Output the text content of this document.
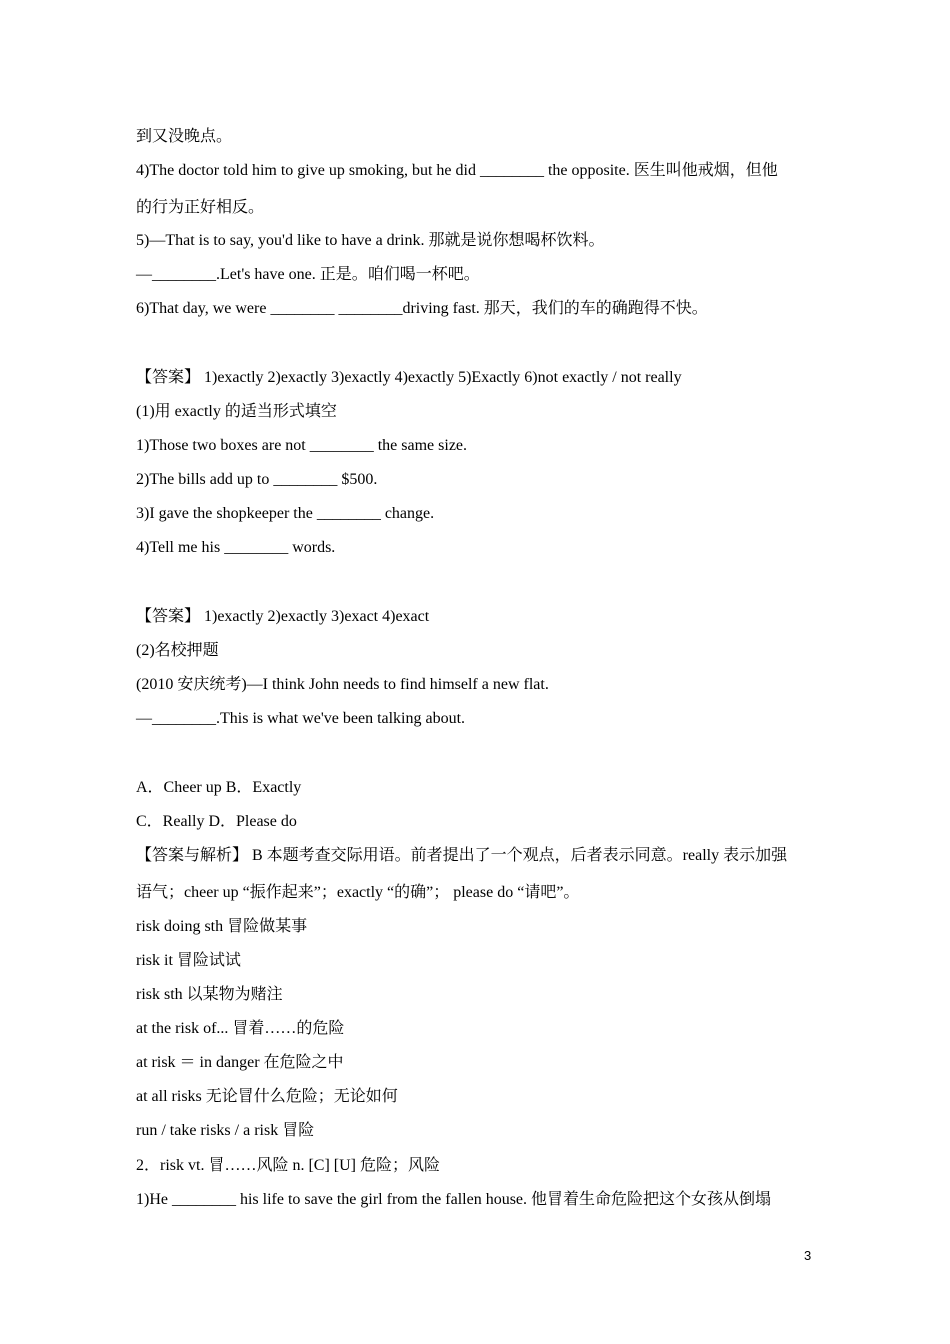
到又没晚点。
4)The doctor told him to give up smoking, but he did ________ the opposite. 医生叫他戒烟，但他
的行为正好相反。
5)—That is to say, you'd like to have a drink. 那就是说你想喝杯饮料。
—________.Let's have one. 正是。咱们喝一杯吧。
6)That day, we were ________ ________driving fast. 那天，我们的车的确跑得不快。
【答案】 1)exactly 2)exactly 3)exactly 4)exactly 5)Exactly 6)not exactly / not really
(1)用 exactly 的适当形式填空
1)Those two boxes are not ________ the same size.
2)The bills add up to ________ $500.
3)I gave the shopkeeper the ________ change.
4)Tell me his ________ words.
【答案】 1)exactly 2)exactly 3)exact 4)exact
(2)名校押题
(2010 安庆统考)—I think John needs to find himself a new flat.
—________.This is what we've been talking about.
A．Cheer up B．Exactly
C．Really D．Please do
【答案与解析】 B 本题考查交际用语。前者提出了一个观点，后者表示同意。really 表示加强
语气；cheer up “振作起来”；exactly “的确”； please do “请吧”。
risk doing sth 冒险做某事
risk it 冒险试试
risk sth 以某物为赌注
at the risk of... 冒着……的危险
at risk ＝ in danger 在危险之中
at all risks 无论冒什么危险；无论如何
run / take risks / a risk 冒险
2．risk vt. 冒……风险 n. [C] [U] 危险；风险
1)He ________ his life to save the girl from the fallen house. 他冒着生命危险把这个女孩从倒塌
3
